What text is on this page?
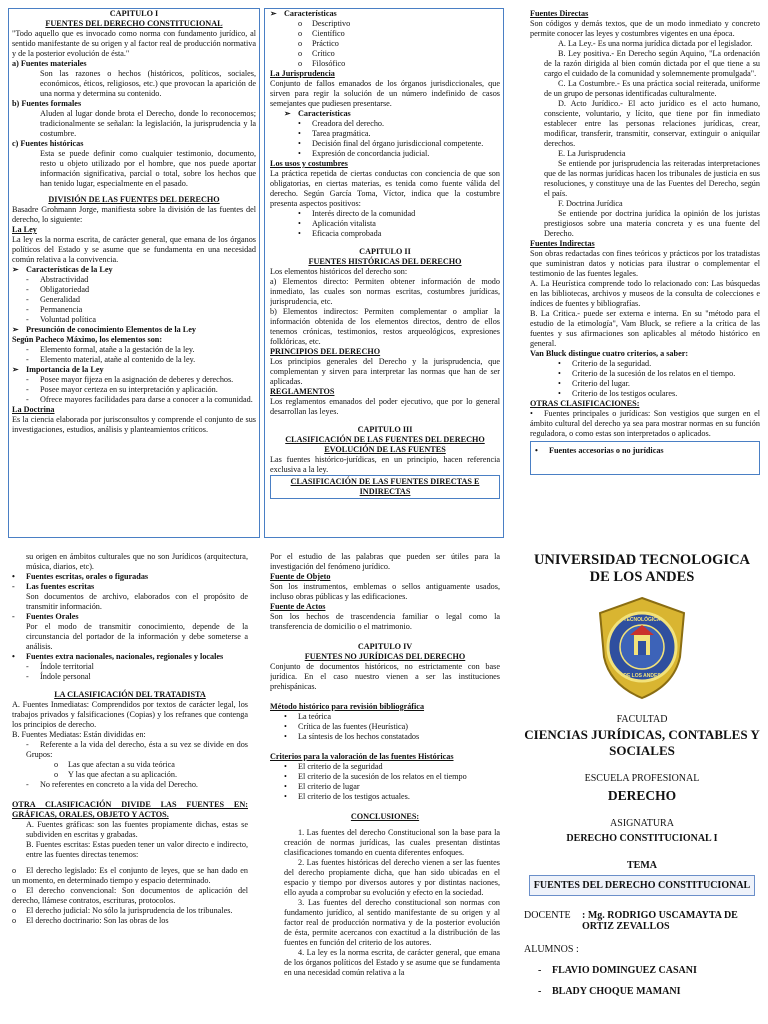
CAPITULO I

FUENTES DEL DERECHO CONSTITUCIONAL

"Todo aquello que es invocado como norma con fundamento jurídico, al sentido manifestante de su origen y al factor real de producción normativa y de la posterior evolución de ésta."

a) Fuentes materiales

Son las razones o hechos (históricos, políticos, sociales, económicos, éticos, religiosos, etc.) que provocan la aparición de una norma y determina su contenido.

b) Fuentes formales

Aluden al lugar donde brota el Derecho, donde lo reconocemos; tradicionalmente se señalan: la legislación, la jurisprudencia y la costumbre.

c) Fuentes históricas

Esta se puede definir como cualquier testimonio, documento, resto u objeto utilizado por el hombre, que nos puede aportar información significativa, parcial o total, sobre los hechos que han tenido lugar, especialmente en el pasado.

DIVISIÓN DE LAS FUENTES DEL DERECHO

Basadre Grohmann Jorge, manifiesta sobre la división de las fuentes del derecho, lo siguiente:

La Ley

La ley es la norma escrita, de carácter general, que emana de los órganos políticos del Estado y se asume que se fundamenta en una necesidad común relativa a la convivencia.

➢ Características de la Ley

- Abstractividad

- Obligatoriedad

- Generalidad

- Permanencia

- Voluntad política

➢ Presunción de conocimiento Elementos de la Ley

Según Pacheco Máximo, los elementos son:

- Elemento formal, atañe a la gestación de la ley.

- Elemento material, atañe al contenido de la ley.

➢ Importancia de la Ley

- Posee mayor fijeza en la asignación de deberes y derechos.

- Posee mayor certeza en su interpretación y aplicación.

- Ofrece mayores facilidades para darse a conocer a la comunidad.

La Doctrina

Es la ciencia elaborada por jurisconsultos y comprende el conjunto de sus investigaciones, estudios, análisis y planteamientos críticos.

➢ Características

o Descriptivo

o Científico

o Práctico

o Crítico

o Filosófico

La Jurisprudencia

Conjunto de fallos emanados de los órganos jurisdiccionales, que sirven para regir la solución de un número indefinido de casos semejantes que pudiesen presentarse.

➢ Características

• Creadora del derecho.

• Tarea pragmática.

• Decisión final del órgano jurisdiccional competente.

• Expresión de concordancia judicial.

Los usos y costumbres

La práctica repetida de ciertas conductas con conciencia de que son obligatorias, en ciertas materias, es tenida como fuente válida del derecho. Según García Toma, Víctor, indica que la costumbre presenta aspectos positivos:

• Interés directo de la comunidad

• Aplicación vitalista

• Eficacia comprobada

CAPITULO II

FUENTES HISTÓRICAS DEL DERECHO

Los elementos históricos del derecho son:

a) Elementos directo: Permiten obtener información de modo inmediato, las cuales son normas escritas, costumbres jurídicas, jurisprudencia, etc.

b) Elementos indirectos: Permiten complementar o ampliar la información obtenida de los elementos directos, dentro de ellos tenemos crónicas, testimonios, restos arqueológicos, expresiones folklóricas, etc.

PRINCIPIOS DEL DERECHO

Los principios generales del Derecho y la jurisprudencia, que complementan y sirven para interpretar las normas que han de ser aplicadas.

REGLAMENTOS

Los reglamentos emanados del poder ejecutivo, que por lo general desarrollan las leyes.

CAPITULO III

CLASIFICACIÓN DE LAS FUENTES DEL DERECHO EVOLUCIÓN DE LAS FUENTES

Las fuentes histórico-jurídicas, en un principio, hacen referencia exclusiva a la ley.

CLASIFICACIÓN DE LAS FUENTES DIRECTAS E INDIRECTAS

Fuentes Directas

Son códigos y demás textos, que de un modo inmediato y concreto permite conocer las leyes y costumbres vigentes en una época.

A. La Ley.- Es una norma jurídica dictada por el legislador.

B. Ley positiva.- En Derecho según Aquino, "La ordenación de la razón dirigida al bien común dictada por el que tiene a su cargo el cuidado de la comunidad y solemnemente promulgada".

C. La Costumbre.- Es una práctica social reiterada, uniforme de un grupo de personas identificadas culturalmente.

D. Acto Jurídico.- El acto jurídico es el acto humano, consciente, voluntario, y lícito, que tiene por fin inmediato establecer entre las personas relaciones jurídicas, crear, modificar, transferir, transmitir, conservar, extinguir o aniquilar derechos.

E. La Jurisprudencia

Se entiende por jurisprudencia las reiteradas interpretaciones que de las normas jurídicas hacen los tribunales de justicia en sus resoluciones, y constituye una de las Fuentes del Derecho, según el país.

F. Doctrina Jurídica

Se entiende por doctrina jurídica la opinión de los juristas prestigiosos sobre una materia concreta y es una fuente del Derecho.

Fuentes Indirectas

Son obras redactadas con fines teóricos y prácticos por los tratadistas que suministran datos y noticias para ilustrar o complementar el testimonio de las fuentes legales.

A. La Heurística comprende todo lo relacionado con: Las búsquedas en las bibliotecas, archivos y museos de la consulta de colecciones e índices de fuentes y bibliografías.

B. La Critica.- puede ser externa e interna. En su "método para el estudio de la etimología", Vam Bluck, se refiere a la crítica de las fuentes y sus afirmaciones son aplicables al método histórico en general.

Van Bluck distingue cuatro criterios, a saber:

• Criterio de la seguridad.

• Criterio de la sucesión de los relatos en el tiempo.

• Criterio del lugar.

• Criterio de los testigos oculares.

OTRAS CLASIFICACIONES:

• Fuentes principales o jurídicas: Son vestigios que surgen en el ámbito cultural del derecho ya sea para mostrar normas en su función reguladora, o como estas son interpretados o aplicados.

• Fuentes accesorias o no jurídicas

su origen en ámbitos culturales que no son Jurídicos (arquitectura, música, diarios, etc).

• Fuentes escritas, orales o figuradas

- Las fuentes escritas

Son documentos de archivo, elaborados con el propósito de transmitir información.

- Fuentes Orales

Por el modo de transmitir conocimiento, depende de la circunstancia del portador de la información y debe someterse a análisis.

• Fuentes extra nacionales, nacionales, regionales y locales

- Índole territorial

- Índole personal

LA CLASIFICACIÓN DEL TRATADISTA

A. Fuentes Inmediatas: Comprendidos por textos de carácter legal, los trabajos privados y falsificaciones (Copias) y los refranes que contenga los principios de derecho.

B. Fuentes Mediatas: Están divididas en:

- Referente a la vida del derecho, ésta a su vez se divide en dos Grupos:

o Las que afectan a su vida teórica

o Y las que afectan a su aplicación.

- No referentes en concreto a la vida del Derecho.

OTRA CLASIFICACIÓN DIVIDE LAS FUENTES EN: GRÁFICAS, ORALES, OBJETO Y ACTOS.

A. Fuentes gráficas: son las fuentes propiamente dichas, estas se subdividen en escritas y grabadas.

B. Fuentes escritas: Estas pueden tener un valor directo e indirecto, entre las fuentes directas tenemos:

o El derecho legislado: Es el conjunto de leyes, que se han dado en un momento, en determinado tiempo y espacio determinado.

o El derecho convencional: Son documentos de aplicación del derecho, llámese contratos, escrituras, protocolos.

o El derecho judicial: No sólo la jurisprudencia de los tribunales.

o El derecho doctrinario: Son las obras de los

Por el estudio de las palabras que pueden ser útiles para la investigación del fenómeno jurídico.

Fuente de Objeto

Son los instrumentos, emblemas o sellos antiguamente usados, incluso obras públicas y las edificaciones.

Fuente de Actos

Son los hechos de trascendencia familiar o legal como la transferencia de domicilio o el matrimonio.

CAPITULO IV

FUENTES NO JURÍDICAS DEL DERECHO

Conjunto de documentos históricos, no estrictamente con base jurídica. En el caso nuestro vienen a ser las instituciones prehispánicas.

Método histórico para revisión bibliográfica

• La teórica

• Crítica de las fuentes (Heurística)

• La síntesis de los hechos constatados

Criterios para la valoración de las fuentes Históricas

• El criterio de la seguridad

• El criterio de la sucesión de los relatos en el tiempo

• El criterio de lugar

• El criterio de los testigos actuales.

CONCLUSIONES:

1. Las fuentes del derecho Constitucional son la base para la creación de normas jurídicas, las cuales presentan distintas clasificaciones tomando en cuenta diferentes enfoques.

2. Las fuentes históricas del derecho vienen a ser las fuentes del derecho propiamente dicha, que han sido ubicadas en el espacio y tiempo por diversos autores y por distintas naciones, ello ayuda a comprobar su evolución y efecto en la sociedad.

3. Las fuentes del derecho constitucional son normas con fundamento jurídico, al sentido manifestante de su origen y al factor real de producción normativa y de la posterior evolución de ésta, permite acercanos con exactitud a la distribución de las fuentes en función del criterio de los autores.

4. La ley es la norma escrita, de carácter general, que emana de los órganos políticos del Estado y se asume que se fundamenta en una necesidad común relativa a la

UNIVERSIDAD TECNOLOGICA DE LOS ANDES
TECNOLÓGICA
DE LOS ANDES
FACULTAD
CIENCIAS JURÍDICAS, CONTABLES Y SOCIALES
ESCUELA PROFESIONAL
DERECHO
ASIGNATURA
DERECHO CONSTITUCIONAL I
TEMA
FUENTES DEL DERECHO CONSTITUCIONAL
DOCENTE	: Mg. RODRIGO USCAMAYTA DE ORTIZ ZEVALLOS
ALUMNOS :

- FLAVIO DOMINGUEZ CASANI

- BLADY CHOQUE MAMANI
